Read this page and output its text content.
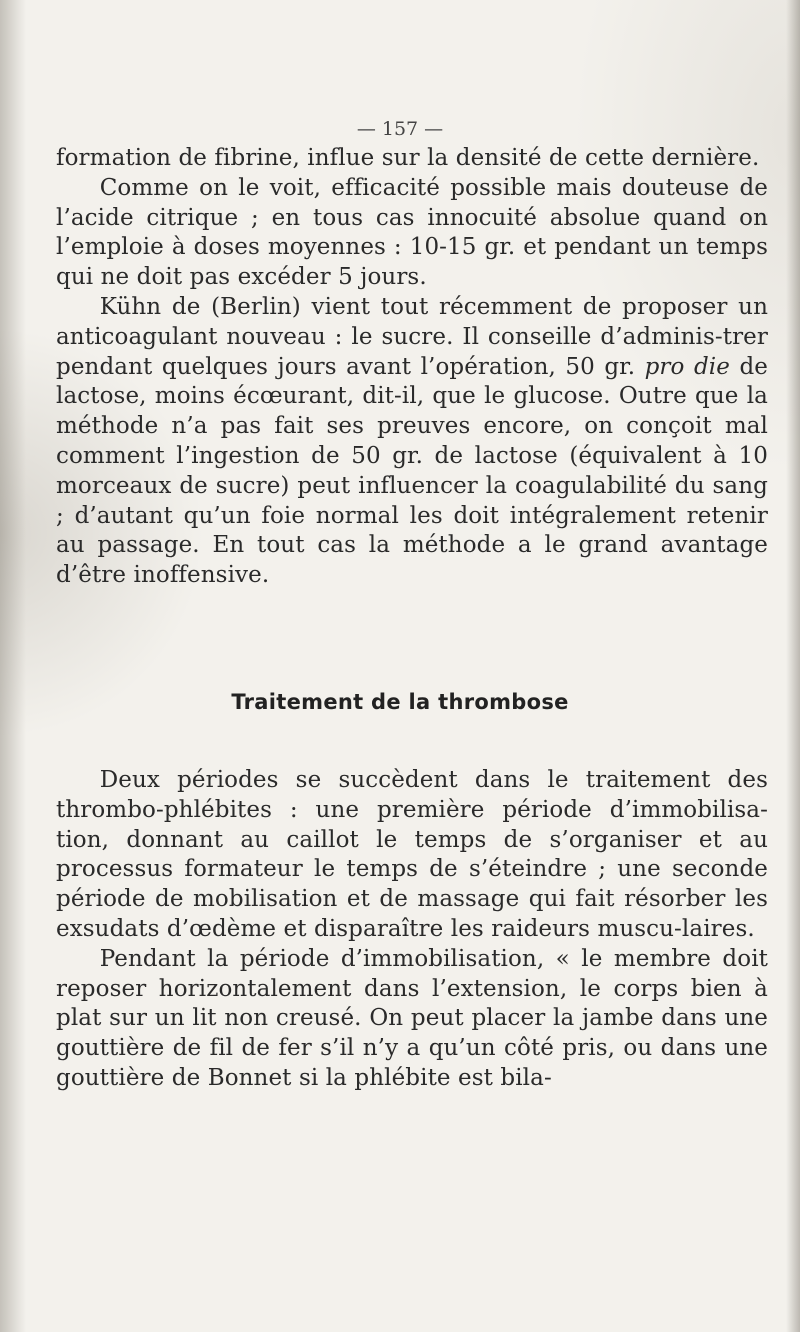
— 157 —

formation de fibrine, influe sur la densité de cette dernière.

Comme on le voit, efficacité possible mais douteuse de l’acide citrique ; en tous cas innocuité absolue quand on l’emploie à doses moyennes : 10-15 gr. et pendant un temps qui ne doit pas excéder 5 jours.

Kühn de (Berlin) vient tout récemment de proposer un anticoagulant nouveau : le sucre. Il conseille d’adminis-trer pendant quelques jours avant l’opération, 50 gr. pro die de lactose, moins écœurant, dit-il, que le glucose. Outre que la méthode n’a pas fait ses preuves encore, on conçoit mal comment l’ingestion de 50 gr. de lactose (équivalent à 10 morceaux de sucre) peut influencer la coagulabilité du sang ; d’autant qu’un foie normal les doit intégralement retenir au passage. En tout cas la méthode a le grand avantage d’être inoffensive.

Traitement de la thrombose

Deux périodes se succèdent dans le traitement des thrombo-phlébites : une première période d’immobilisa-tion, donnant au caillot le temps de s’organiser et au processus formateur le temps de s’éteindre ; une seconde période de mobilisation et de massage qui fait résorber les exsudats d’œdème et disparaître les raideurs muscu-laires.

Pendant la période d’immobilisation, « le membre doit reposer horizontalement dans l’extension, le corps bien à plat sur un lit non creusé. On peut placer la jambe dans une gouttière de fil de fer s’il n’y a qu’un côté pris, ou dans une gouttière de Bonnet si la phlébite est bila-
